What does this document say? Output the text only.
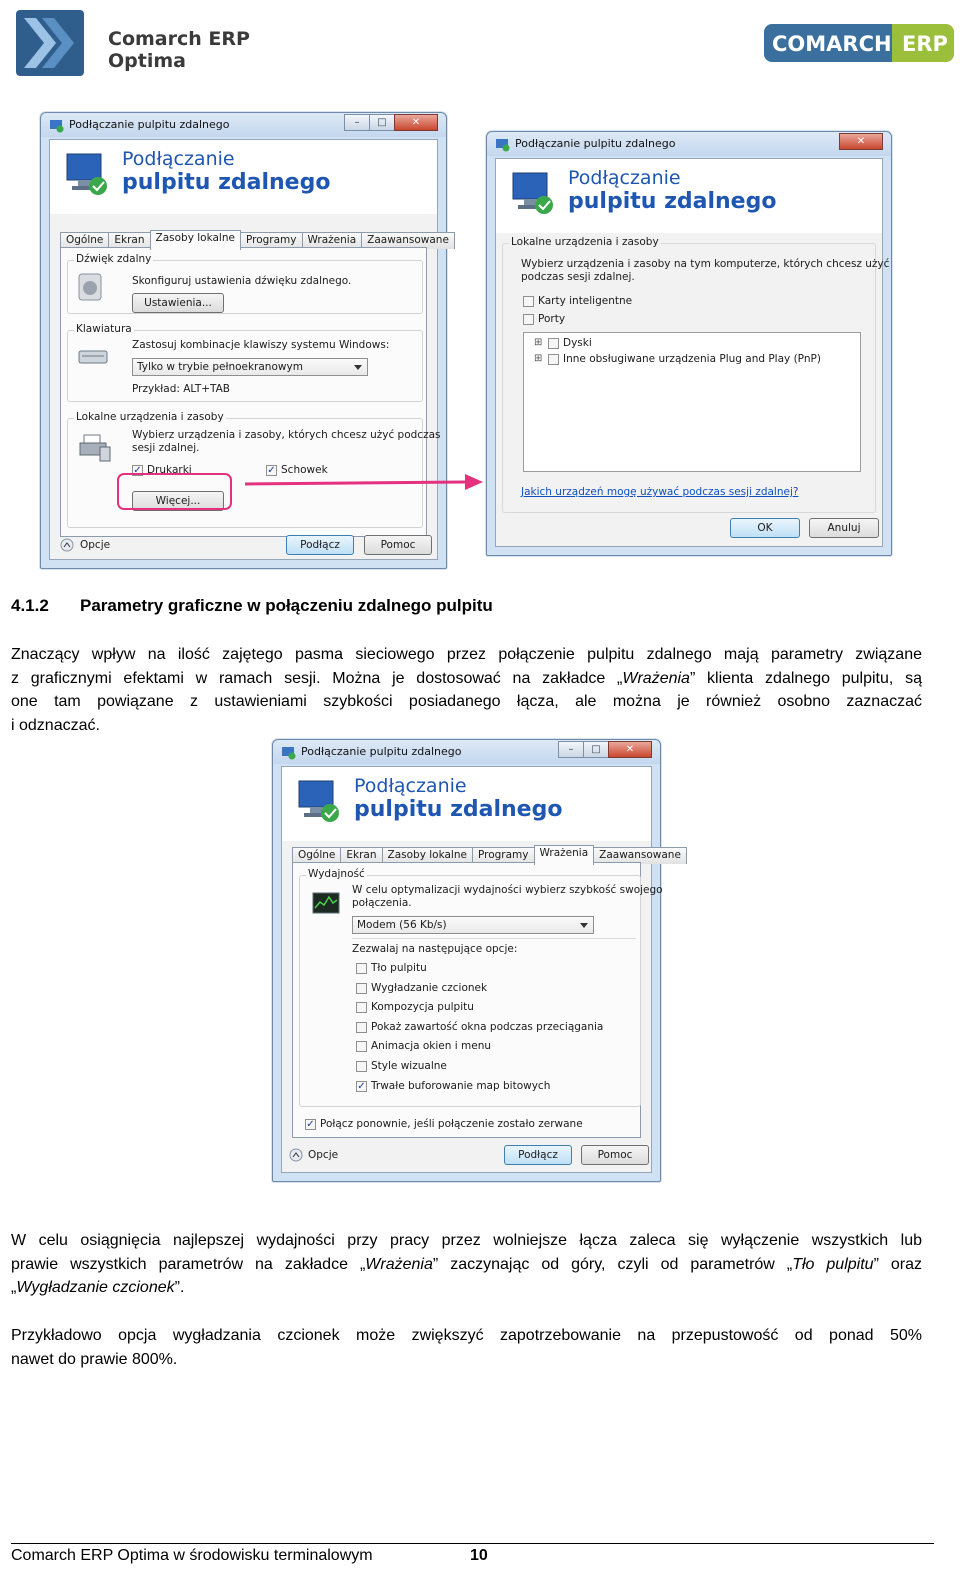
Comarch ERP
Optima
COMARCH ERP
Podłączanie pulpitu zdalnego	–	□	✕
Podłączanie
pulpitu zdalnego
Ogólne	Ekran	Zasoby lokalne	Programy	Wrażenia	Zaawansowane
Dźwięk zdalny
Skonfiguruj ustawienia dźwięku zdalnego.
Ustawienia...
Klawiatura
Zastosuj kombinacje klawiszy systemu Windows:
Tylko w trybie pełnoekranowym
Przykład: ALT+TAB
Lokalne urządzenia i zasoby
Wybierz urządzenia i zasoby, których chcesz użyć podczas
sesji zdalnej.
✓ Drukarki	✓ Schowek
Więcej...
Opcje	Podłącz	Pomoc
Podłączanie pulpitu zdalnego	✕
Podłączanie
pulpitu zdalnego
Lokalne urządzenia i zasoby
Wybierz urządzenia i zasoby na tym komputerze, których chcesz użyć
podczas sesji zdalnej.
Karty inteligentne
Porty
⊞ Dyski
⊞ Inne obsługiwane urządzenia Plug and Play (PnP)
Jakich urządzeń mogę używać podczas sesji zdalnej?
OK	Anuluj
4.1.2 Parametry graficzne w połączeniu zdalnego pulpitu
Znaczący wpływ na ilość zajętego pasma sieciowego przez połączenie pulpitu zdalnego mają parametry związane
z graficznymi efektami w ramach sesji. Można je dostosować na zakładce „Wrażenia” klienta zdalnego pulpitu, są
one tam powiązane z ustawieniami szybkości posiadanego łącza, ale można je również osobno zaznaczać
i odznaczać.
Podłączanie pulpitu zdalnego	–	□	✕
Podłączanie
pulpitu zdalnego
Ogólne	Ekran	Zasoby lokalne	Programy	Wrażenia	Zaawansowane
Wydajność
W celu optymalizacji wydajności wybierz szybkość swojego
połączenia.
Modem (56 Kb/s)
Zezwalaj na następujące opcje:
Tło pulpitu
Wygładzanie czcionek
Kompozycja pulpitu
Pokaż zawartość okna podczas przeciągania
Animacja okien i menu
Style wizualne
✓ Trwałe buforowanie map bitowych
✓ Połącz ponownie, jeśli połączenie zostało zerwane
Opcje	Podłącz	Pomoc
W celu osiągnięcia najlepszej wydajności przy pracy przez wolniejsze łącza zaleca się wyłączenie wszystkich lub
prawie wszystkich parametrów na zakładce „Wrażenia” zaczynając od góry, czyli od parametrów „Tło pulpitu” oraz
„Wygładzanie czcionek”.
Przykładowo opcja wygładzania czcionek może zwiększyć zapotrzebowanie na przepustowość od ponad 50%
nawet do prawie 800%.
Comarch ERP Optima w środowisku terminalowym	10
